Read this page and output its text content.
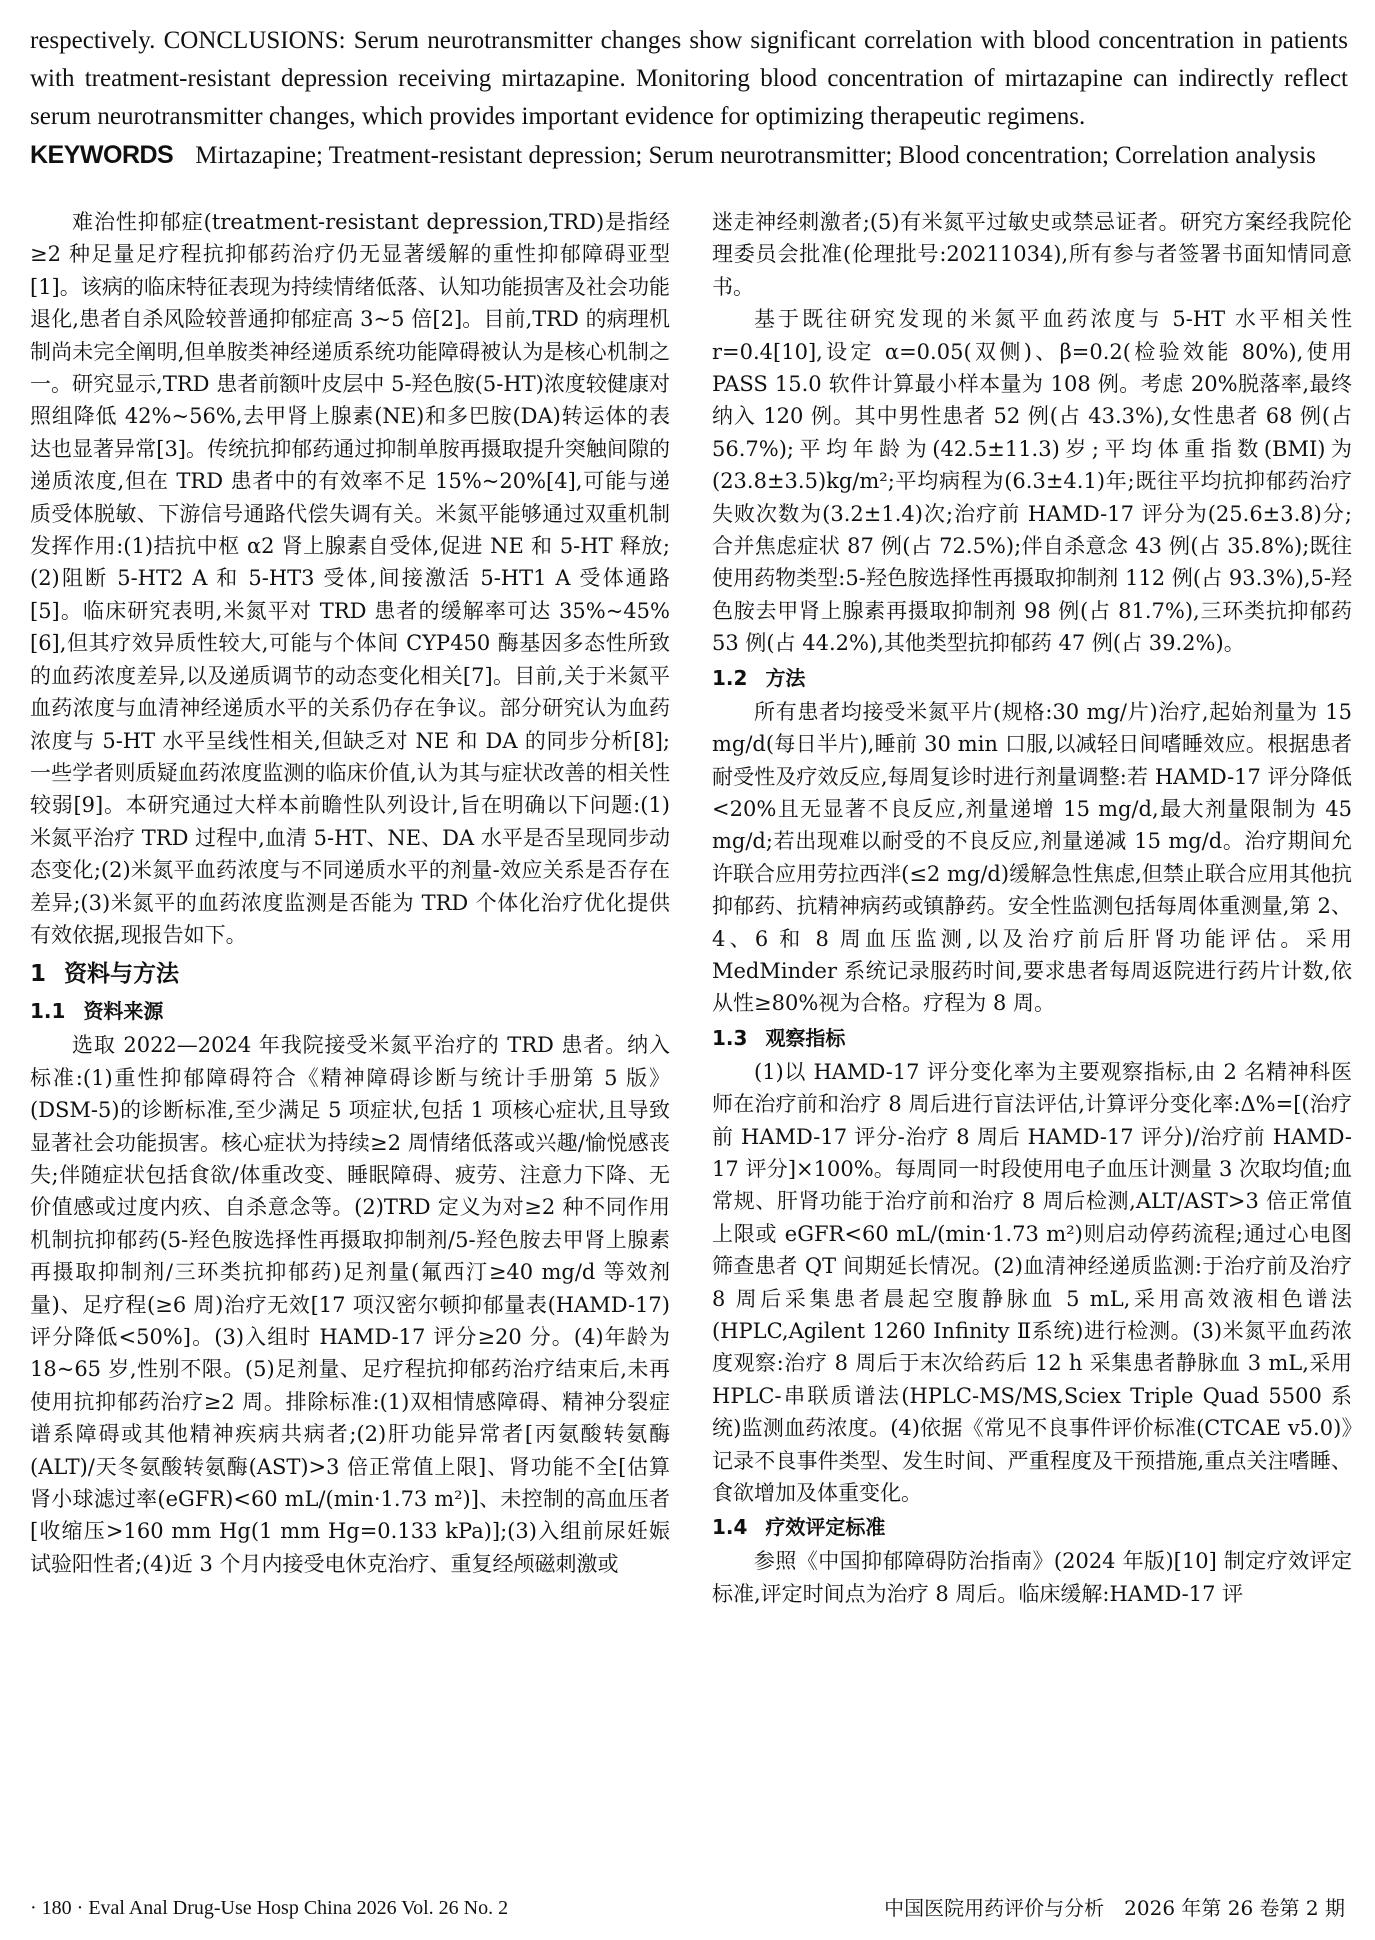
respectively. CONCLUSIONS: Serum neurotransmitter changes show significant correlation with blood concentration in patients with treatment-resistant depression receiving mirtazapine. Monitoring blood concentration of mirtazapine can indirectly reflect serum neurotransmitter changes, which provides important evidence for optimizing therapeutic regimens.

KEYWORDS Mirtazapine; Treatment-resistant depression; Serum neurotransmitter; Blood concentration; Correlation analysis

难治性抑郁症(treatment-resistant depression,TRD)是指经≥2 种足量足疗程抗抑郁药治疗仍无显著缓解的重性抑郁障碍亚型[1]。该病的临床特征表现为持续情绪低落、认知功能损害及社会功能退化,患者自杀风险较普通抑郁症高 3~5 倍[2]。目前,TRD 的病理机制尚未完全阐明,但单胺类神经递质系统功能障碍被认为是核心机制之一。研究显示,TRD 患者前额叶皮层中 5-羟色胺(5-HT)浓度较健康对照组降低 42%~56%,去甲肾上腺素(NE)和多巴胺(DA)转运体的表达也显著异常[3]。传统抗抑郁药通过抑制单胺再摄取提升突触间隙的递质浓度,但在 TRD 患者中的有效率不足 15%~20%[4],可能与递质受体脱敏、下游信号通路代偿失调有关。米氮平能够通过双重机制发挥作用:(1)拮抗中枢 α2 肾上腺素自受体,促进 NE 和 5-HT 释放;(2)阻断 5-HT2 A 和 5-HT3 受体,间接激活 5-HT1 A 受体通路[5]。临床研究表明,米氮平对 TRD 患者的缓解率可达 35%~45%[6],但其疗效异质性较大,可能与个体间 CYP450 酶基因多态性所致的血药浓度差异,以及递质调节的动态变化相关[7]。目前,关于米氮平血药浓度与血清神经递质水平的关系仍存在争议。部分研究认为血药浓度与 5-HT 水平呈线性相关,但缺乏对 NE 和 DA 的同步分析[8];一些学者则质疑血药浓度监测的临床价值,认为其与症状改善的相关性较弱[9]。本研究通过大样本前瞻性队列设计,旨在明确以下问题:(1)米氮平治疗 TRD 过程中,血清 5-HT、NE、DA 水平是否呈现同步动态变化;(2)米氮平血药浓度与不同递质水平的剂量-效应关系是否存在差异;(3)米氮平的血药浓度监测是否能为 TRD 个体化治疗优化提供有效依据,现报告如下。

1 资料与方法
1.1 资料来源

选取 2022—2024 年我院接受米氮平治疗的 TRD 患者。纳入标准:(1)重性抑郁障碍符合《精神障碍诊断与统计手册第 5 版》(DSM-5)的诊断标准,至少满足 5 项症状,包括 1 项核心症状,且导致显著社会功能损害。核心症状为持续≥2 周情绪低落或兴趣/愉悦感丧失;伴随症状包括食欲/体重改变、睡眠障碍、疲劳、注意力下降、无价值感或过度内疚、自杀意念等。(2)TRD 定义为对≥2 种不同作用机制抗抑郁药(5-羟色胺选择性再摄取抑制剂/5-羟色胺去甲肾上腺素再摄取抑制剂/三环类抗抑郁药)足剂量(氟西汀≥40 mg/d 等效剂量)、足疗程(≥6 周)治疗无效[17 项汉密尔顿抑郁量表(HAMD-17)评分降低<50%]。(3)入组时 HAMD-17 评分≥20 分。(4)年龄为 18~65 岁,性别不限。(5)足剂量、足疗程抗抑郁药治疗结束后,未再使用抗抑郁药治疗≥2 周。排除标准:(1)双相情感障碍、精神分裂症谱系障碍或其他精神疾病共病者;(2)肝功能异常者[丙氨酸转氨酶(ALT)/天冬氨酸转氨酶(AST)>3 倍正常值上限]、肾功能不全[估算肾小球滤过率(eGFR)<60 mL/(min·1.73 m²)]、未控制的高血压者[收缩压>160 mm Hg(1 mm Hg=0.133 kPa)];(3)入组前尿妊娠试验阳性者;(4)近 3 个月内接受电休克治疗、重复经颅磁刺激或

迷走神经刺激者;(5)有米氮平过敏史或禁忌证者。研究方案经我院伦理委员会批准(伦理批号:20211034),所有参与者签署书面知情同意书。

基于既往研究发现的米氮平血药浓度与 5-HT 水平相关性 r=0.4[10],设定 α=0.05(双侧)、β=0.2(检验效能 80%),使用 PASS 15.0 软件计算最小样本量为 108 例。考虑 20%脱落率,最终纳入 120 例。其中男性患者 52 例(占 43.3%),女性患者 68 例(占 56.7%);平均年龄为(42.5±11.3)岁;平均体重指数(BMI)为(23.8±3.5)kg/m²;平均病程为(6.3±4.1)年;既往平均抗抑郁药治疗失败次数为(3.2±1.4)次;治疗前 HAMD-17 评分为(25.6±3.8)分;合并焦虑症状 87 例(占 72.5%);伴自杀意念 43 例(占 35.8%);既往使用药物类型:5-羟色胺选择性再摄取抑制剂 112 例(占 93.3%),5-羟色胺去甲肾上腺素再摄取抑制剂 98 例(占 81.7%),三环类抗抑郁药 53 例(占 44.2%),其他类型抗抑郁药 47 例(占 39.2%)。

1.2 方法

所有患者均接受米氮平片(规格:30 mg/片)治疗,起始剂量为 15 mg/d(每日半片),睡前 30 min 口服,以减轻日间嗜睡效应。根据患者耐受性及疗效反应,每周复诊时进行剂量调整:若 HAMD-17 评分降低<20%且无显著不良反应,剂量递增 15 mg/d,最大剂量限制为 45 mg/d;若出现难以耐受的不良反应,剂量递减 15 mg/d。治疗期间允许联合应用劳拉西泮(≤2 mg/d)缓解急性焦虑,但禁止联合应用其他抗抑郁药、抗精神病药或镇静药。安全性监测包括每周体重测量,第 2、4、6 和 8 周血压监测,以及治疗前后肝肾功能评估。采用 MedMinder 系统记录服药时间,要求患者每周返院进行药片计数,依从性≥80%视为合格。疗程为 8 周。

1.3 观察指标

(1)以 HAMD-17 评分变化率为主要观察指标,由 2 名精神科医师在治疗前和治疗 8 周后进行盲法评估,计算评分变化率:Δ%=[(治疗前 HAMD-17 评分-治疗 8 周后 HAMD-17 评分)/治疗前 HAMD-17 评分]×100%。每周同一时段使用电子血压计测量 3 次取均值;血常规、肝肾功能于治疗前和治疗 8 周后检测,ALT/AST>3 倍正常值上限或 eGFR<60 mL/(min·1.73 m²)则启动停药流程;通过心电图筛查患者 QT 间期延长情况。(2)血清神经递质监测:于治疗前及治疗 8 周后采集患者晨起空腹静脉血 5 mL,采用高效液相色谱法(HPLC,Agilent 1260 Infinity Ⅱ系统)进行检测。(3)米氮平血药浓度观察:治疗 8 周后于末次给药后 12 h 采集患者静脉血 3 mL,采用 HPLC-串联质谱法(HPLC-MS/MS,Sciex Triple Quad 5500 系统)监测血药浓度。(4)依据《常见不良事件评价标准(CTCAE v5.0)》记录不良事件类型、发生时间、严重程度及干预措施,重点关注嗜睡、食欲增加及体重变化。

1.4 疗效评定标准

参照《中国抑郁障碍防治指南》(2024 年版)[10] 制定疗效评定标准,评定时间点为治疗 8 周后。临床缓解:HAMD-17 评

· 180 · Eval Anal Drug-Use Hosp China 2026 Vol. 26 No. 2	中国医院用药评价与分析　2026 年第 26 卷第 2 期
